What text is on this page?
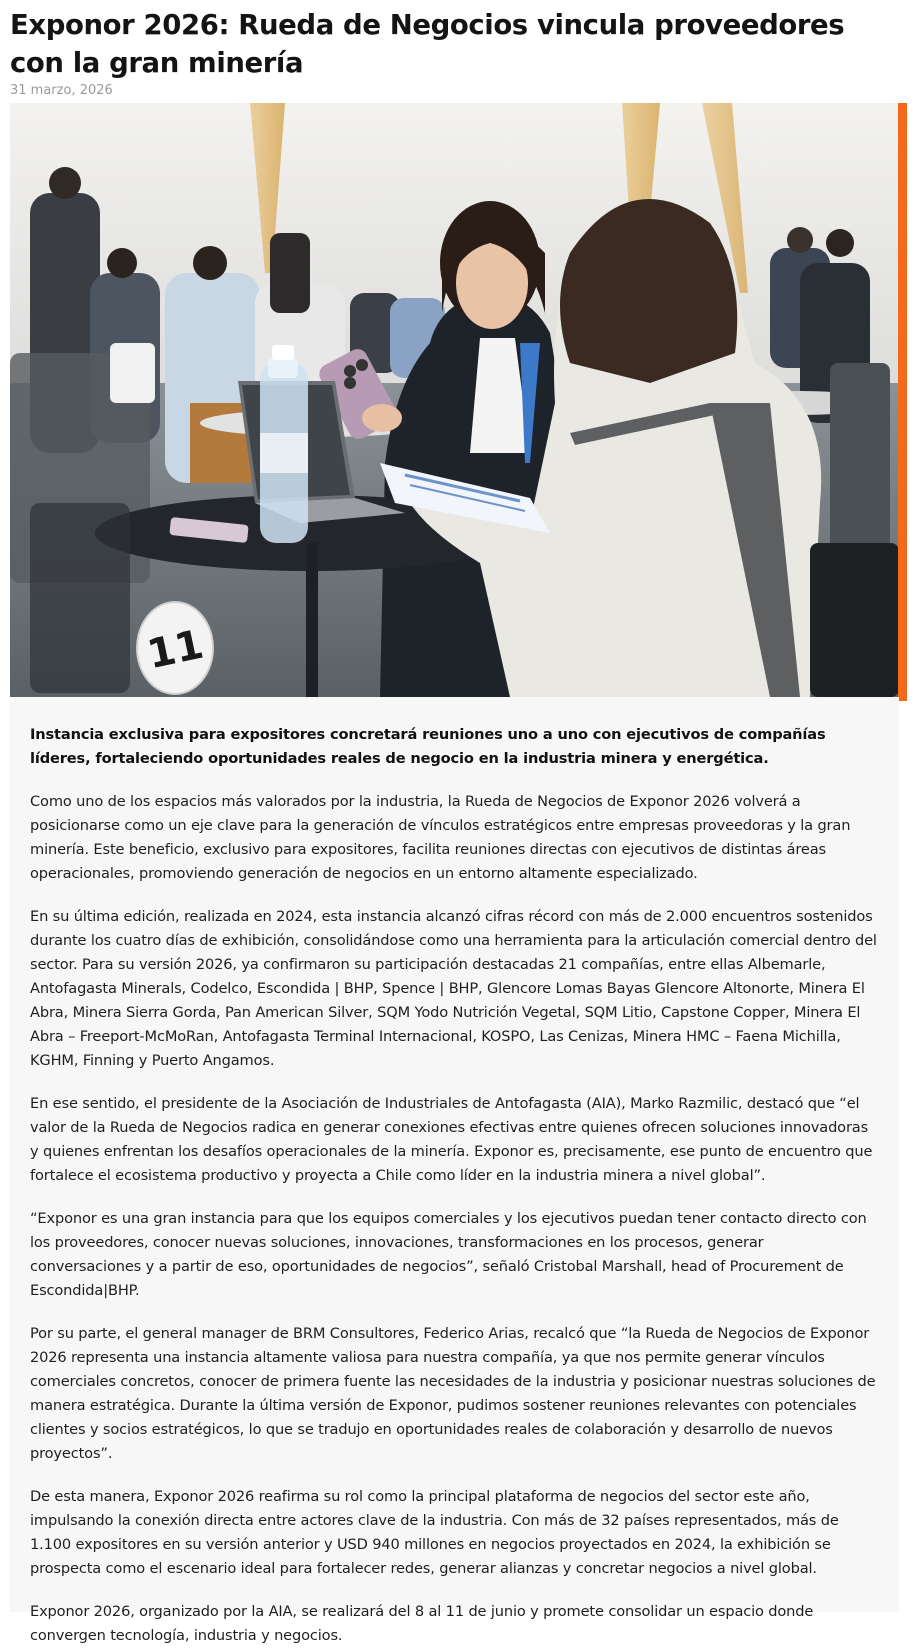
Exponor 2026: Rueda de Negocios vincula proveedores con la gran minería
31 marzo, 2026
11

Instancia exclusiva para expositores concretará reuniones uno a uno con ejecutivos de compañías líderes, fortaleciendo oportunidades reales de negocio en la industria minera y energética.

Como uno de los espacios más valorados por la industria, la Rueda de Negocios de Exponor 2026 volverá a posicionarse como un eje clave para la generación de vínculos estratégicos entre empresas proveedoras y la gran minería. Este beneficio, exclusivo para expositores, facilita reuniones directas con ejecutivos de distintas áreas operacionales, promoviendo generación de negocios en un entorno altamente especializado.

En su última edición, realizada en 2024, esta instancia alcanzó cifras récord con más de 2.000 encuentros sostenidos durante los cuatro días de exhibición, consolidándose como una herramienta para la articulación comercial dentro del sector. Para su versión 2026, ya confirmaron su participación destacadas 21 compañías, entre ellas Albemarle, Antofagasta Minerals, Codelco, Escondida | BHP, Spence | BHP, Glencore Lomas Bayas Glencore Altonorte, Minera El Abra, Minera Sierra Gorda, Pan American Silver, SQM Yodo Nutrición Vegetal, SQM Litio, Capstone Copper, Minera El Abra – Freeport-McMoRan, Antofagasta Terminal Internacional, KOSPO, Las Cenizas, Minera HMC – Faena Michilla, KGHM, Finning y Puerto Angamos.

En ese sentido, el presidente de la Asociación de Industriales de Antofagasta (AIA), Marko Razmilic, destacó que “el valor de la Rueda de Negocios radica en generar conexiones efectivas entre quienes ofrecen soluciones innovadoras y quienes enfrentan los desafíos operacionales de la minería. Exponor es, precisamente, ese punto de encuentro que fortalece el ecosistema productivo y proyecta a Chile como líder en la industria minera a nivel global”.

“Exponor es una gran instancia para que los equipos comerciales y los ejecutivos puedan tener contacto directo con los proveedores, conocer nuevas soluciones, innovaciones, transformaciones en los procesos, generar conversaciones y a partir de eso, oportunidades de negocios”, señaló Cristobal Marshall, head of Procurement de Escondida|BHP.

Por su parte, el general manager de BRM Consultores, Federico Arias, recalcó que “la Rueda de Negocios de Exponor 2026 representa una instancia altamente valiosa para nuestra compañía, ya que nos permite generar vínculos comerciales concretos, conocer de primera fuente las necesidades de la industria y posicionar nuestras soluciones de manera estratégica. Durante la última versión de Exponor, pudimos sostener reuniones relevantes con potenciales clientes y socios estratégicos, lo que se tradujo en oportunidades reales de colaboración y desarrollo de nuevos proyectos”.

De esta manera, Exponor 2026 reafirma su rol como la principal plataforma de negocios del sector este año, impulsando la conexión directa entre actores clave de la industria. Con más de 32 países representados, más de 1.100 expositores en su versión anterior y USD 940 millones en negocios proyectados en 2024, la exhibición se prospecta como el escenario ideal para fortalecer redes, generar alianzas y concretar negocios a nivel global.

Exponor 2026, organizado por la AIA, se realizará del 8 al 11 de junio y promete consolidar un espacio donde convergen tecnología, industria y negocios.
